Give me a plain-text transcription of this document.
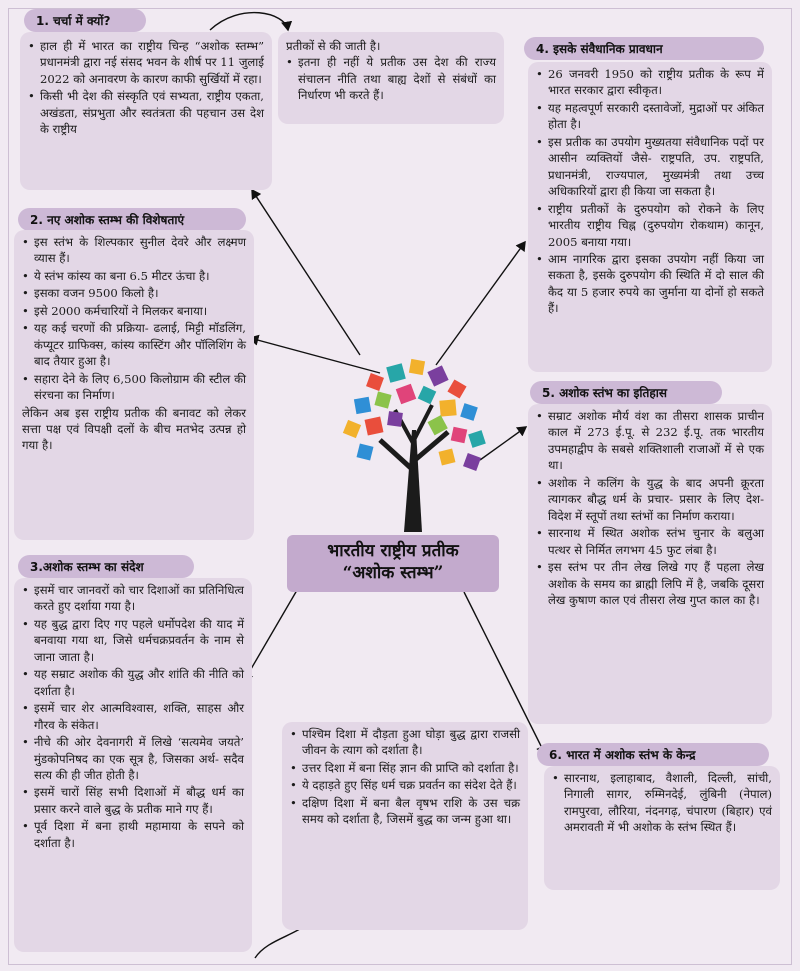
1. चर्चा में क्यों?
• हाल ही में भारत का राष्ट्रीय चिन्ह “अशोक स्तम्भ” प्रधानमंत्री द्वारा नई संसद भवन के शीर्ष पर 11 जुलाई 2022 को अनावरण के कारण काफी सुर्खियों में रहा।
• किसी भी देश की संस्कृति एवं सभ्यता, राष्ट्रीय एकता, अखंडता, संप्रभुता और स्वतंत्रता की पहचान उस देश के राष्ट्रीय

प्रतीकों से की जाती है।

• इतना ही नहीं ये प्रतीक उस देश की राज्य संचालन नीति तथा बाह्य देशों से संबंधों का निर्धारण भी करते हैं।
2. नए अशोक स्तम्भ की विशेषताएं
• इस स्तंभ के शिल्पकार सुनील देवरे और लक्ष्मण व्यास हैं।
• ये स्तंभ कांस्य का बना 6.5 मीटर ऊंचा है।
• इसका वजन 9500 किलो है।
• इसे 2000 कर्मचारियों ने मिलकर बनाया।
• यह कई चरणों की प्रक्रिया- ढलाई, मिट्टी मॉडलिंग, कंप्यूटर ग्राफिक्स, कांस्य कास्टिंग और पॉलिशिंग के बाद तैयार हुआ है।
• सहारा देने के लिए 6,500 किलोग्राम की स्टील की संरचना का निर्माण।

लेकिन अब इस राष्ट्रीय प्रतीक की बनावट को लेकर सत्ता पक्ष एवं विपक्षी दलों के बीच मतभेद उत्पन्न हो गया है।

3.अशोक स्तम्भ का संदेश
• इसमें चार जानवरों को चार दिशाओं का प्रतिनिधित्व करते हुए दर्शाया गया है।
• यह बुद्ध द्वारा दिए गए पहले धर्मोपदेश की याद में बनवाया गया था, जिसे धर्मचक्रप्रवर्तन के नाम से जाना जाता है।
• यह सम्राट अशोक की युद्ध और शांति की नीति को दर्शाता है।
• इसमें चार शेर आत्मविश्वास, शक्ति, साहस और गौरव के संकेत।
• नीचे की ओर देवनागरी में लिखे ‘सत्यमेव जयते’ मुंडकोपनिषद का एक सूत्र है, जिसका अर्थ- सदैव सत्य की ही जीत होती है।
• इसमें चारों सिंह सभी दिशाओं में बौद्ध धर्म का प्रसार करने वाले बुद्ध के प्रतीक माने गए हैं।
• पूर्व दिशा में बना हाथी महामाया के सपने को दर्शाता है।
• पश्चिम दिशा में दौड़ता हुआ घोड़ा बुद्ध द्वारा राजसी जीवन के त्याग को दर्शाता है।
• उत्तर दिशा में बना सिंह ज्ञान की प्राप्ति को दर्शाता है।
• ये दहाड़ते हुए सिंह धर्म चक्र प्रवर्तन का संदेश देते हैं।
• दक्षिण दिशा में बना बैल वृषभ राशि के उस चक्र समय को दर्शाता है, जिसमें बुद्ध का जन्म हुआ था।
4. इसके संवैधानिक प्रावधान
• 26 जनवरी 1950 को राष्ट्रीय प्रतीक के रूप में भारत सरकार द्वारा स्वीकृत।
• यह महत्वपूर्ण सरकारी दस्तावेजों, मुद्राओं पर अंकित होता है।
• इस प्रतीक का उपयोग मुख्यतया संवैधानिक पदों पर आसीन व्यक्तियों जैसे- राष्ट्रपति, उप. राष्ट्रपति, प्रधानमंत्री, राज्यपाल, मुख्यमंत्री तथा उच्च अधिकारियों द्वारा ही किया जा सकता है।
• राष्ट्रीय प्रतीकों के दुरुपयोग को रोकने के लिए भारतीय राष्ट्रीय चिह्न (दुरुपयोग रोकथाम) कानून, 2005 बनाया गया।
• आम नागरिक द्वारा इसका उपयोग नहीं किया जा सकता है, इसके दुरुपयोग की स्थिति में दो साल की कैद या 5 हजार रुपये का जुर्माना या दोनों हो सकते हैं।
5. अशोक स्तंभ का इतिहास
• सम्राट अशोक मौर्य वंश का तीसरा शासक प्राचीन काल में 273 ई.पू. से 232 ई.पू. तक भारतीय उपमहाद्वीप के सबसे शक्तिशाली राजाओं में से एक था।
• अशोक ने कलिंग के युद्ध के बाद अपनी क्रूरता त्यागकर बौद्ध धर्म के प्रचार- प्रसार के लिए देश- विदेश में स्तूपों तथा स्तंभों का निर्माण कराया।
• सारनाथ में स्थित अशोक स्तंभ चुनार के बलुआ पत्थर से निर्मित लगभग 45 फुट लंबा है।
• इस स्तंभ पर तीन लेख लिखे गए हैं पहला लेख अशोक के समय का ब्राह्मी लिपि में है, जबकि दूसरा लेख कुषाण काल एवं तीसरा लेख गुप्त काल का है।
6. भारत में अशोक स्तंभ के केन्द्र
• सारनाथ, इलाहाबाद, वैशाली, दिल्ली, सांची, निगाली सागर, रुम्मिनदेई, लुंबिनी (नेपाल) रामपुरवा, लौरिया, नंदनगढ़, चंपारण (बिहार) एवं अमरावती में भी अशोक के स्तंभ स्थित हैं।
भारतीय राष्ट्रीय प्रतीक
“अशोक स्तम्भ”
